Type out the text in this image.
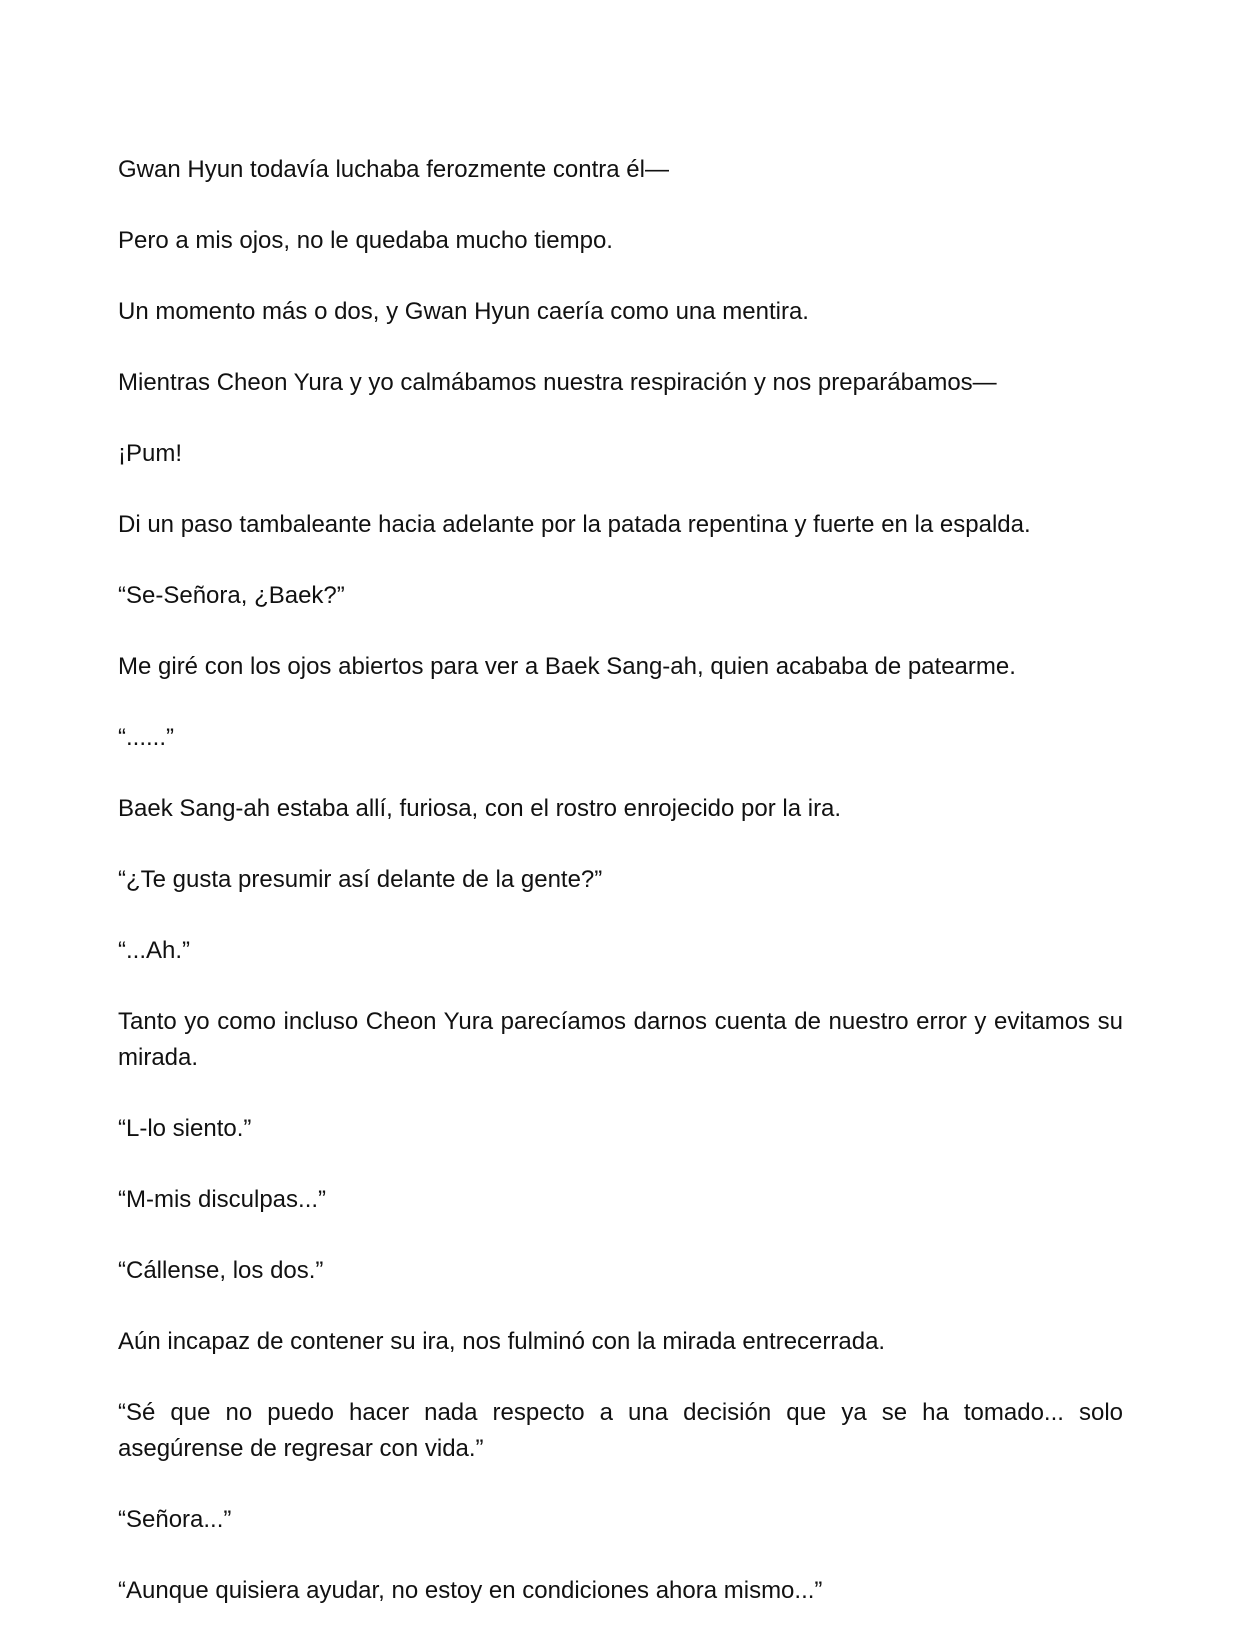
Gwan Hyun todavía luchaba ferozmente contra él—

Pero a mis ojos, no le quedaba mucho tiempo.

Un momento más o dos, y Gwan Hyun caería como una mentira.

Mientras Cheon Yura y yo calmábamos nuestra respiración y nos preparábamos—

¡Pum!

Di un paso tambaleante hacia adelante por la patada repentina y fuerte en la espalda.

“Se-Señora, ¿Baek?”

Me giré con los ojos abiertos para ver a Baek Sang-ah, quien acababa de patearme.

“......”

Baek Sang-ah estaba allí, furiosa, con el rostro enrojecido por la ira.

“¿Te gusta presumir así delante de la gente?”

“...Ah.”

Tanto yo como incluso Cheon Yura parecíamos darnos cuenta de nuestro error y evitamos su mirada.

“L-lo siento.”

“M-mis disculpas...”

“Cállense, los dos.”

Aún incapaz de contener su ira, nos fulminó con la mirada entrecerrada.

“Sé que no puedo hacer nada respecto a una decisión que ya se ha tomado... solo asegúrense de regresar con vida.”

“Señora...”

“Aunque quisiera ayudar, no estoy en condiciones ahora mismo...”
